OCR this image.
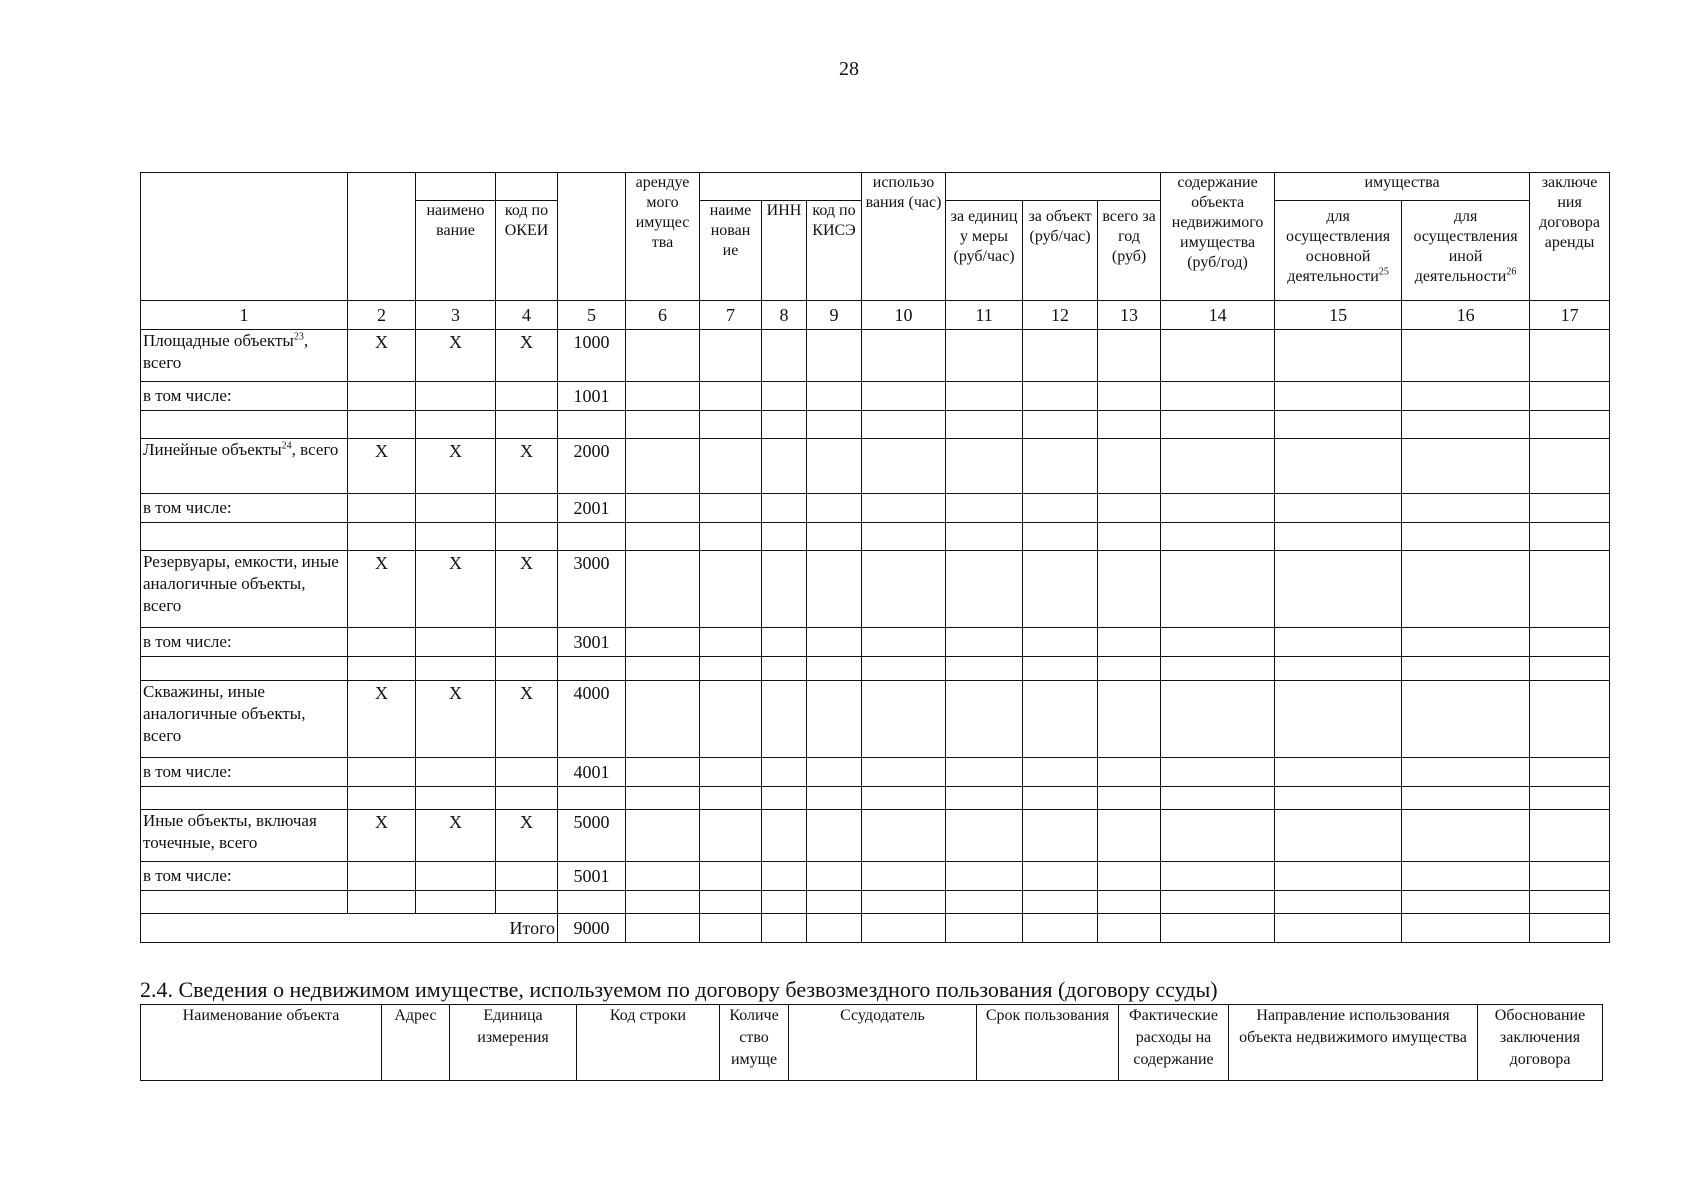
28
					арендуе мого имущес тва				использо вания (час)				содержание объекта недвижимого имущества (руб/год)	имущества		заключе ния договора аренды
		наимено вание	код по ОКЕИ			наиме нован ие	ИНН	код по КИСЭ		за единиц у меры (руб/час)	за объект (руб/час)	всего за год (руб)		для осуществления основной деятельности$^{25}$	для осуществления иной деятельности$^{26}$
1	2	3	4	5	6	7	8	9	10	11	12	13	14	15	16	17
Площадные объекты$^{23}$, всего	X	X	X	1000												
в том числе:				1001												

Линейные объекты$^{24}$, всего	X	X	X	2000												
в том числе:				2001												

Резервуары, емкости, иные аналогичные объекты, всего	X	X	X	3000												
в том числе:				3001												

Скважины, иные аналогичные объекты, всего	X	X	X	4000												
в том числе:				4001												

Иные объекты, включая точечные, всего	X	X	X	5000												
в том числе:				5001												

Итого				9000												
2.4. Сведения о недвижимом имуществе, используемом по договору безвозмездного пользования (договору ссуды)
Наименование объекта	Адрес	Единица измерения	Код строки	Количе ство имуще	Ссудодатель	Срок пользования	Фактические расходы на содержание	Направление использования объекта недвижимого имущества	Обоснование заключения договора
